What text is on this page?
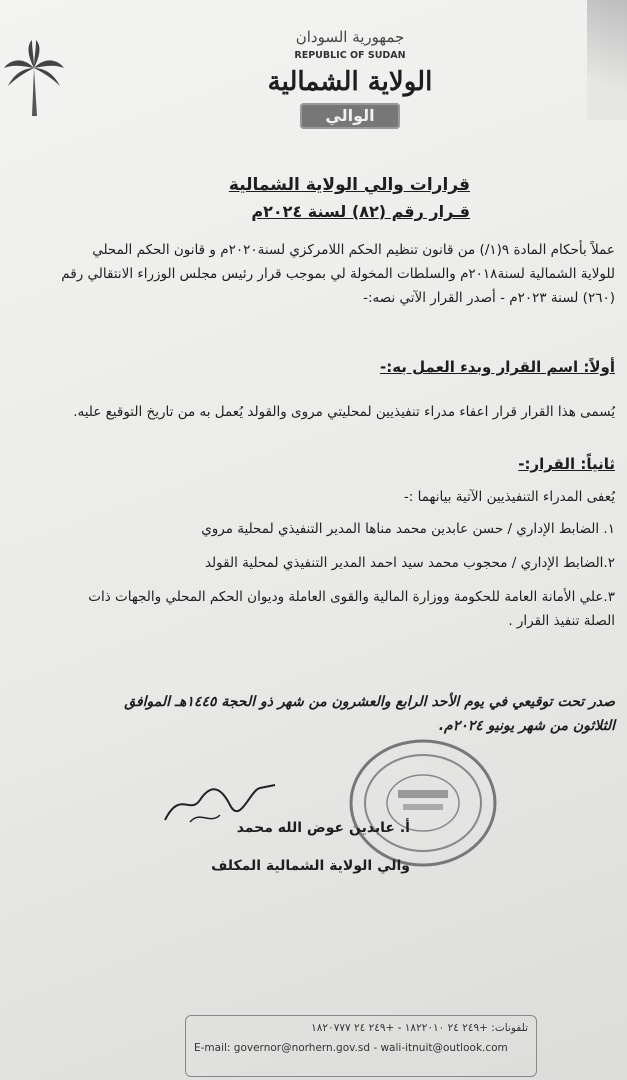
جمهورية السودان
REPUBLIC OF SUDAN
الولاية الشمالية
الوالي
قرارات والي الولاية الشمالية
قـرار رقم (٨٢) لسنة ٢٠٢٤م
عملاً بأحكام المادة ٩(١/) من قانون تنظيم الحكم اللامركزي لسنة٢٠٢٠م و قانون الحكم المحلي للولاية الشمالية لسنة٢٠١٨م والسلطات المخولة لي بموجب قرار رئيس مجلس الوزراء الانتقالي رقم (٢٦٠) لسنة ٢٠٢٣م - أصدر القرار الآتي نصه:-
أولاً: اسم القرار وبدء العمل به:-
يُسمى هذا القرار قرار اعفاء مدراء تنفيذيين لمحليتي مروى والقولد يُعمل به من تاريخ التوقيع عليه.
ثانياً: القرار:-
يُعفى المدراء التنفيذيين الآتية بيانهما :-
١. الضابط الإداري / حسن عابدين محمد مناها المدير التنفيذي لمحلية مروي
٢.الضابط الإداري / محجوب محمد سيد احمد المدير التنفيذي لمحلية القولد
٣.علي الأمانة العامة للحكومة ووزارة المالية والقوى العاملة وديوان الحكم المحلي والجهات ذات الصلة تنفيذ القرار .
صدر تحت توقيعي في يوم الأحد الرابع والعشرون من شهر ذو الحجة ١٤٤٥هـ الموافق الثلاثون من شهر يونيو ٢٠٢٤م.
أ. عابدين عوض الله محمد
والي الولاية الشمالية المكلف
تلفونات: +٢٤٩ ٢٤ ١٨٢٢٠١٠ - +٢٤٩ ٢٤ ١٨٢٠٧٧٧
E-mail: governor@norhern.gov.sd - wali-itnuit@outlook.com
